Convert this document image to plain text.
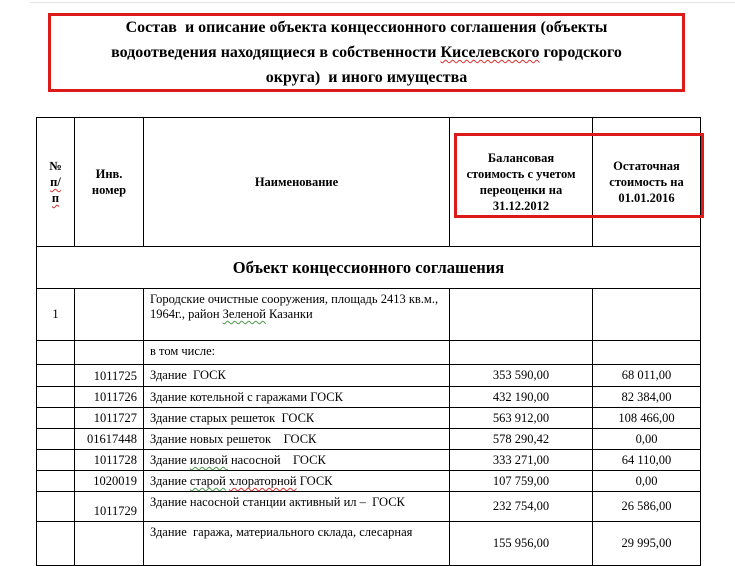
Состав  и описание объекта концессионного соглашения (объекты
водоотведения находящиеся в собственности Киселевского городского
округа)  и иного имущества
№
п/п	Инв. номер	Наименование	Балансовая стоимость с учетом переоценки на 31.12.2012	Остаточная стоимость на 01.01.2016
Объект концессионного соглашения				
1		Городские очистные сооружения, площадь 2413 кв.м.,  1964г., район Зеленой Казанки		
		в том числе:		
	1011725	Здание  ГОСК	353 590,00	68 011,00
	1011726	Здание котельной с гаражами ГОСК	432 190,00	82 384,00
	1011727	Здание старых решеток  ГОСК	563 912,00	108 466,00
	01617448	Здание новых решеток    ГОСК	578 290,42	0,00
	1011728	Здание иловой насосной    ГОСК	333 271,00	64 110,00
	1020019	Здание старой хлораторной ГОСК	107 759,00	0,00
	1011729	Здание насосной станции активный ил –  ГОСК	232 754,00	26 586,00
		Здание  гаража, материального склада, слесарная	155 956,00	29 995,00
